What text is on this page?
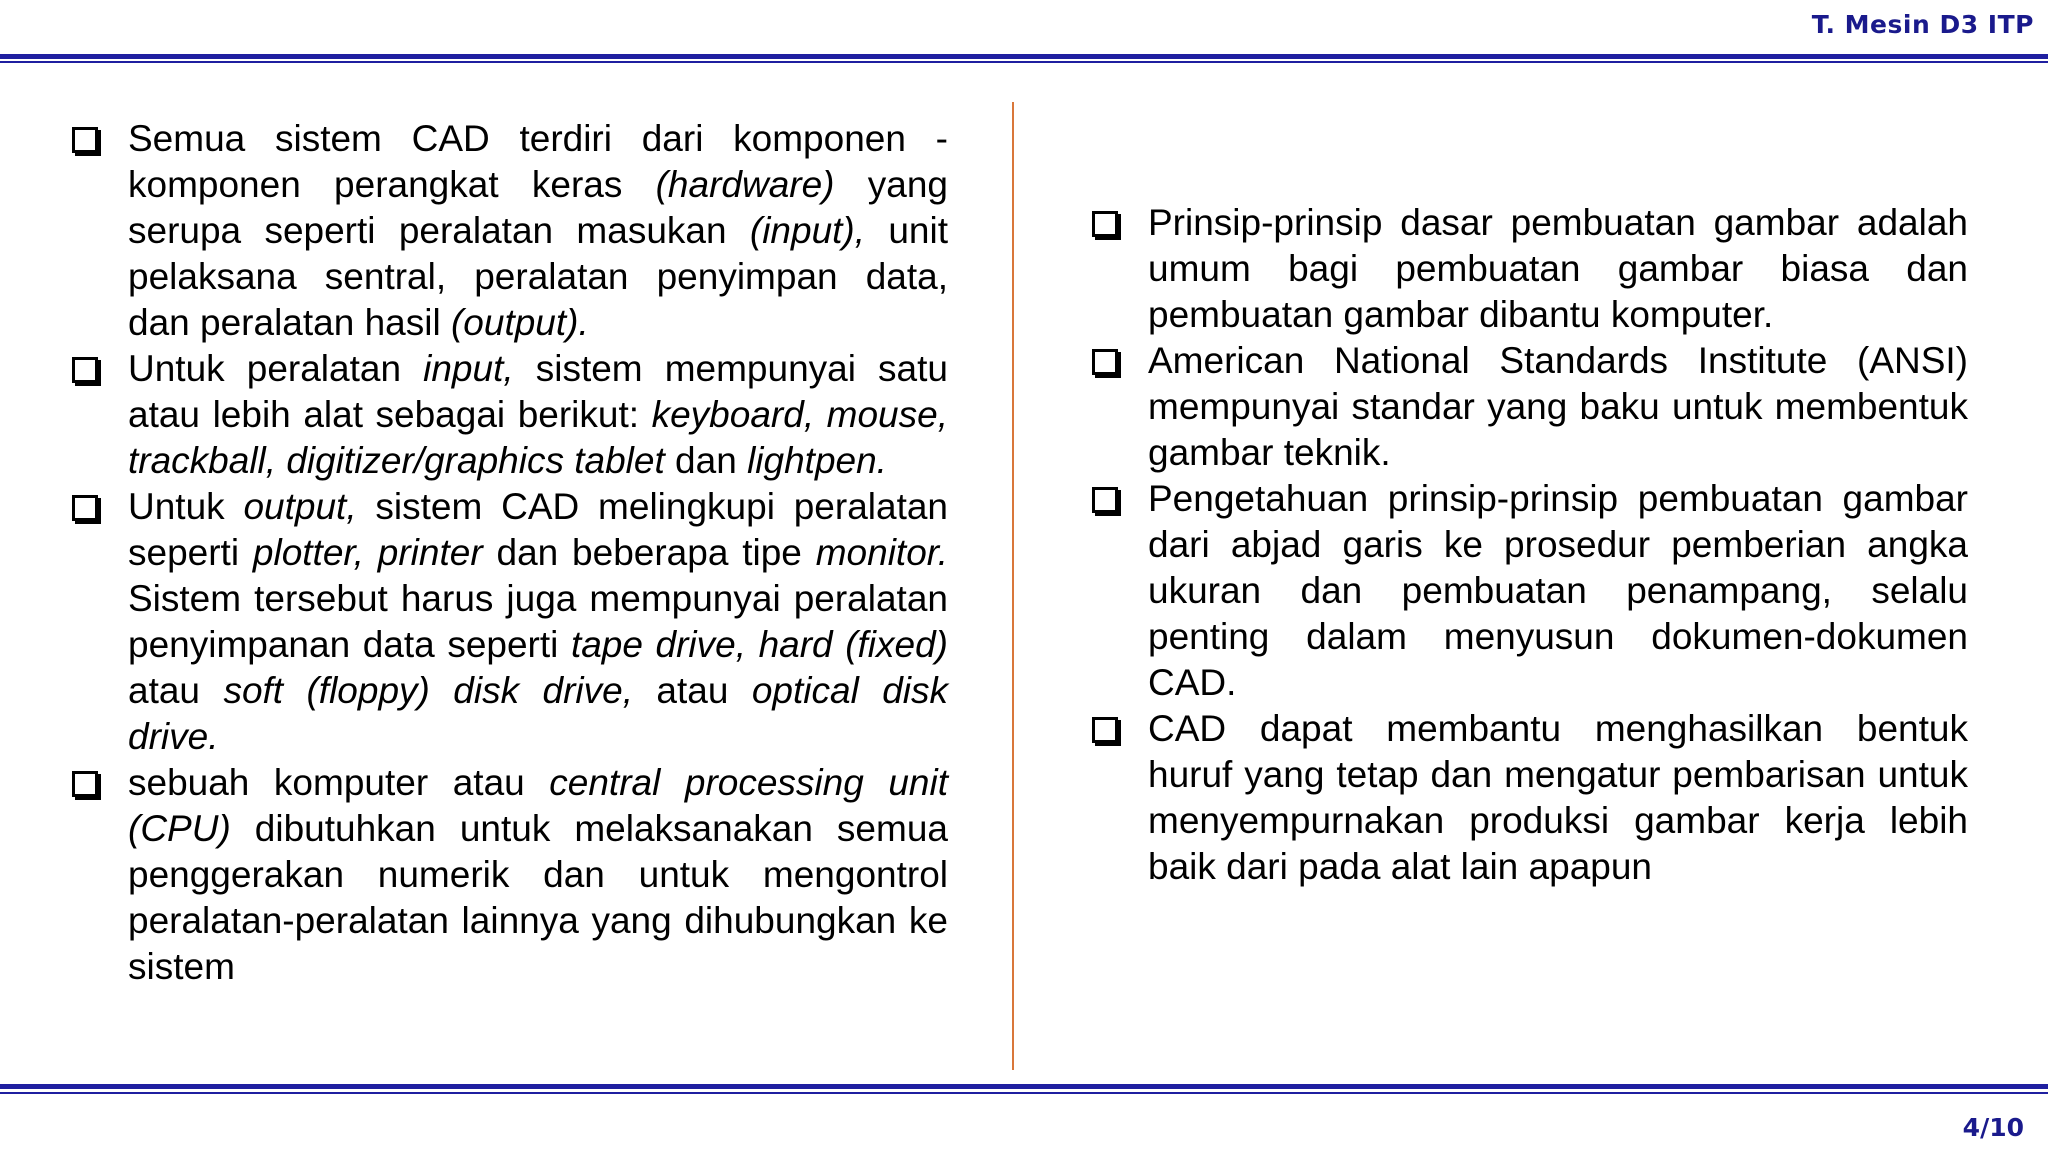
T. Mesin D3 ITP
Semua sistem CAD terdiri dari komponen - komponen perangkat keras (hardware) yang serupa seperti peralatan masukan (input), unit pelaksana sentral, peralatan penyimpan data, dan peralatan hasil (output).
Untuk peralatan input, sistem mempunyai satu atau lebih alat sebagai berikut: keyboard, mouse, trackball, digitizer/graphics tablet dan lightpen.
Untuk output, sistem CAD melingkupi peralatan seperti plotter, printer dan beberapa tipe monitor. Sistem tersebut harus juga mempunyai peralatan penyimpanan data seperti tape drive, hard (fixed) atau soft (floppy) disk drive, atau optical disk drive.
sebuah komputer atau central processing unit (CPU) dibutuhkan untuk melaksanakan semua penggerakan numerik dan untuk mengontrol peralatan-peralatan lainnya yang dihubungkan ke sistem
Prinsip-prinsip dasar pembuatan gambar adalah umum bagi pembuatan gambar biasa dan pembuatan gambar dibantu komputer.
American National Standards Institute (ANSI) mempunyai standar yang baku untuk membentuk gambar teknik.
Pengetahuan prinsip-prinsip pembuatan gambar dari abjad garis ke prosedur pemberian angka ukuran dan pembuatan penampang, selalu penting dalam menyusun dokumen-dokumen CAD.
CAD dapat membantu menghasilkan bentuk huruf yang tetap dan mengatur pembarisan untuk menyempurnakan produksi gambar kerja lebih baik dari pada alat lain apapun
4/10
